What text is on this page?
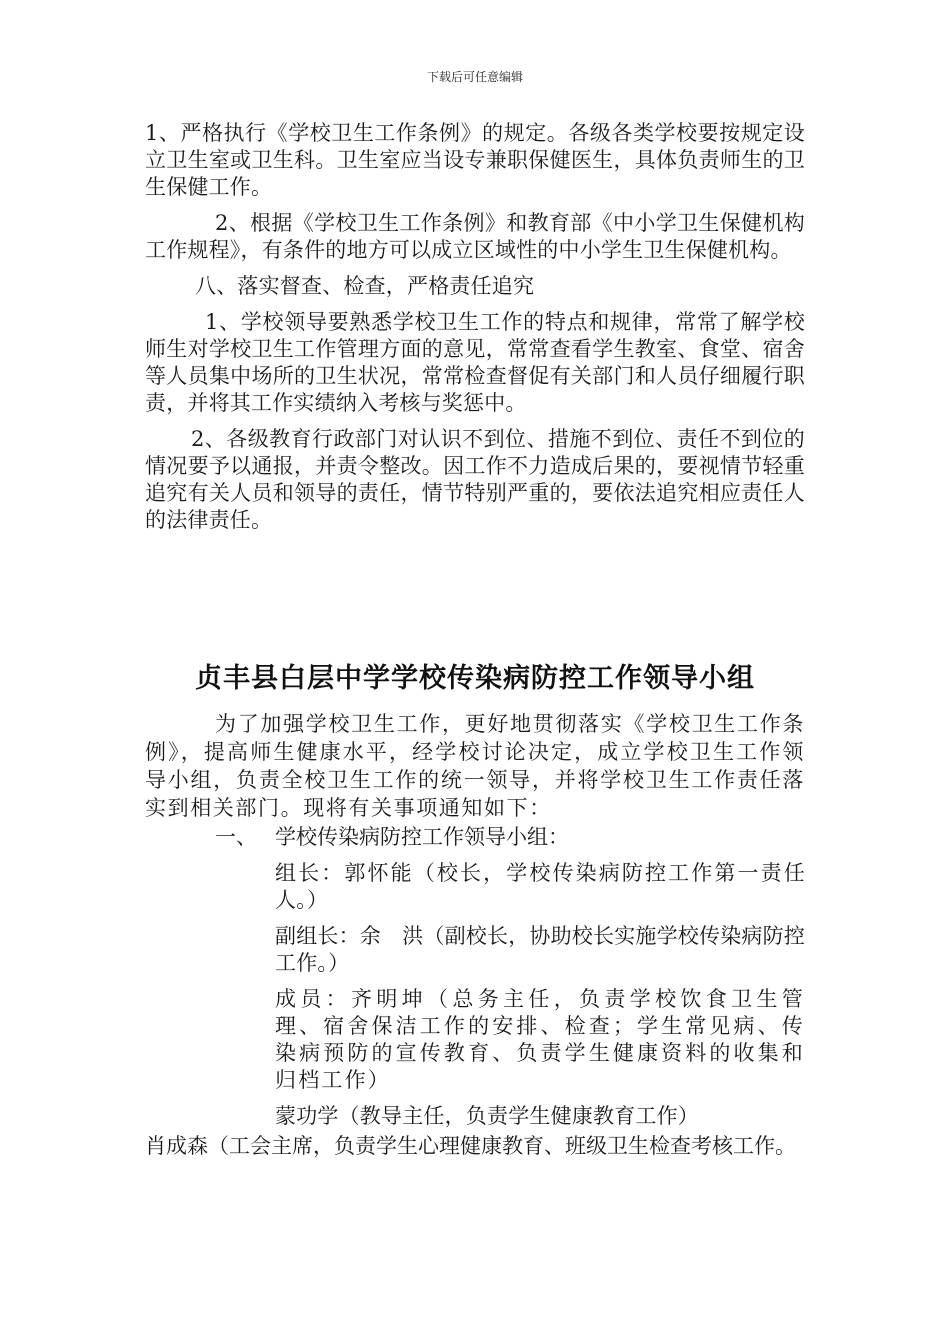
下载后可任意编辑

1、严格执行《学校卫生工作条例》的规定。各级各类学校要按规定设立卫生室或卫生科。卫生室应当设专兼职保健医生，具体负责师生的卫生保健工作。

2、根据《学校卫生工作条例》和教育部《中小学卫生保健机构工作规程》，有条件的地方可以成立区域性的中小学生卫生保健机构。

八、落实督查、检查，严格责任追究

1、学校领导要熟悉学校卫生工作的特点和规律，常常了解学校师生对学校卫生工作管理方面的意见，常常查看学生教室、食堂、宿舍等人员集中场所的卫生状况，常常检查督促有关部门和人员仔细履行职责，并将其工作实绩纳入考核与奖惩中。

2、各级教育行政部门对认识不到位、措施不到位、责任不到位的情况要予以通报，并责令整改。因工作不力造成后果的，要视情节轻重追究有关人员和领导的责任，情节特别严重的，要依法追究相应责任人的法律责任。

贞丰县白层中学学校传染病防控工作领导小组

为了加强学校卫生工作，更好地贯彻落实《学校卫生工作条例》，提高师生健康水平，经学校讨论决定，成立学校卫生工作领导小组，负责全校卫生工作的统一领导，并将学校卫生工作责任落实到相关部门。现将有关事项通知如下：

一、 学校传染病防控工作领导小组：

组长：郭怀能（校长，学校传染病防控工作第一责任人。）

副组长：余　洪（副校长，协助校长实施学校传染病防控工作。）

成员：齐明坤（总务主任，负责学校饮食卫生管理、宿舍保洁工作的安排、检查；学生常见病、传染病预防的宣传教育、负责学生健康资料的收集和归档工作）

蒙功学（教导主任，负责学生健康教育工作）

肖成森（工会主席，负责学生心理健康教育、班级卫生检查考核工作。
